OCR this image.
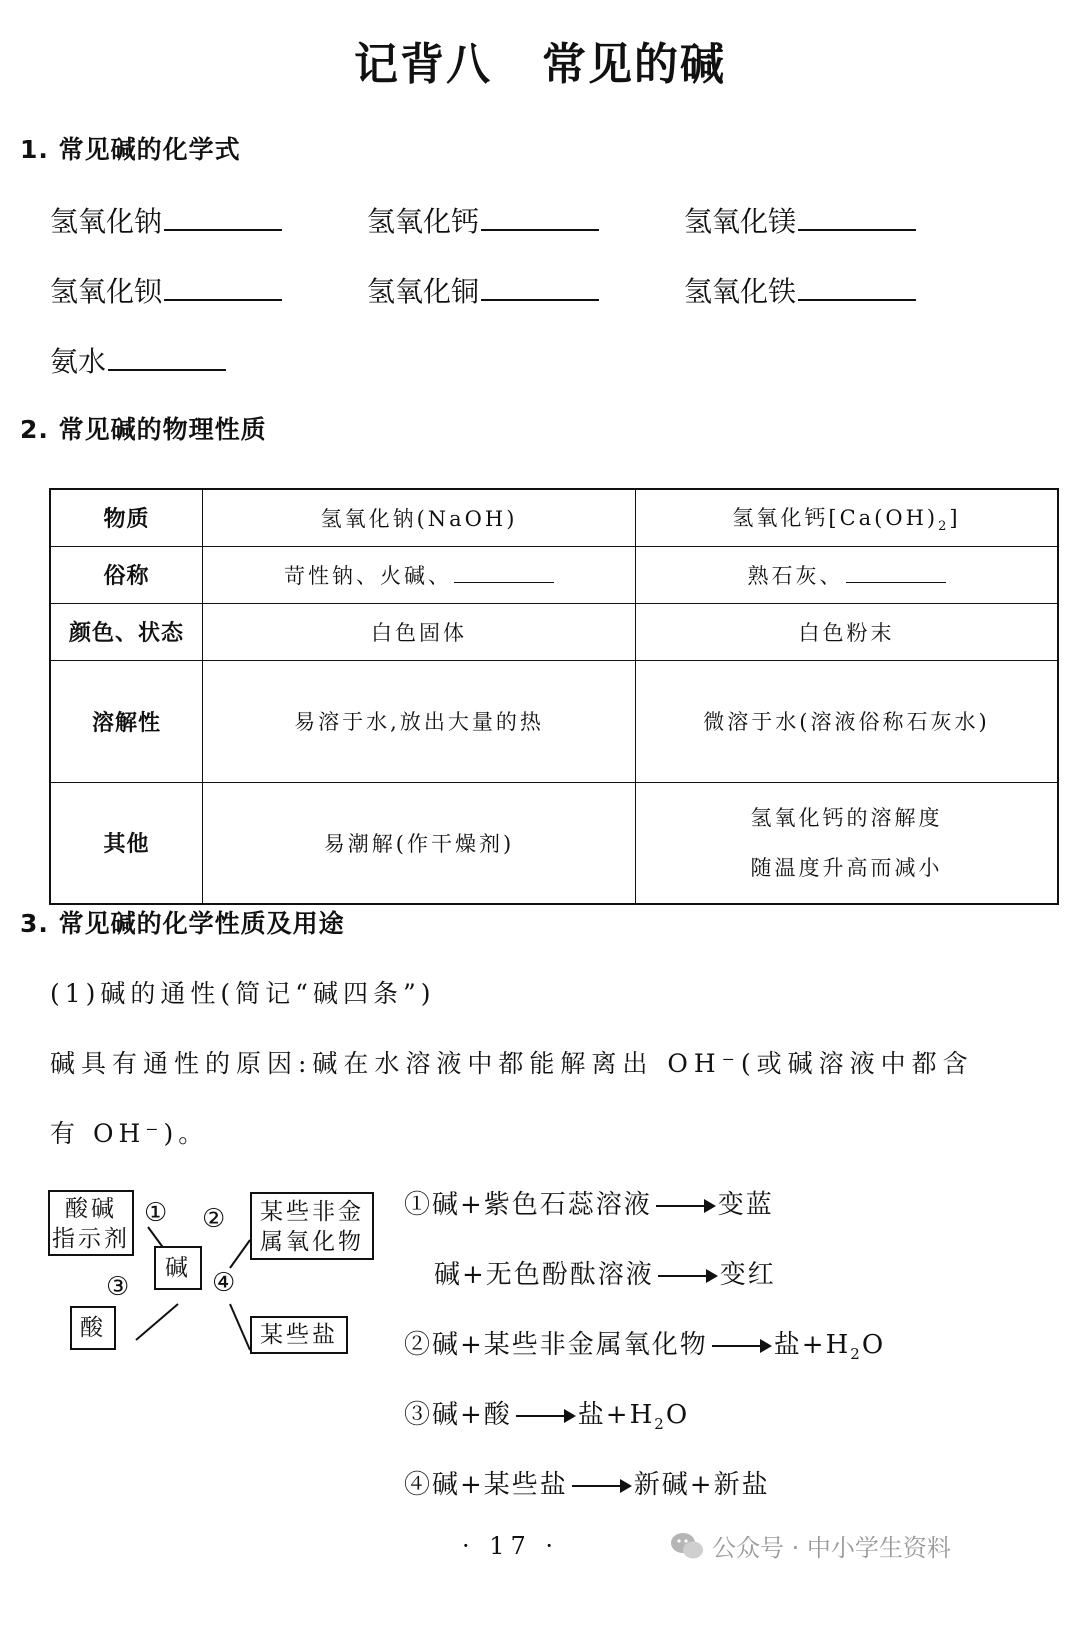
记背八 常见的碱
1. 常见碱的化学式
氢氧化钠	氢氧化钙	氢氧化镁
氢氧化钡	氢氧化铜	氢氧化铁
氨水
2. 常见碱的物理性质
物质	氢氧化钠(NaOH)	氢氧化钙$[Ca(OH)_2]$
俗称	苛性钠、火碱、	熟石灰、
颜色、状态	白色固体	白色粉末
溶解性	易溶于水,放出大量的热	微溶于水(溶液俗称石灰水)
其他	易潮解(作干燥剂)	氢氧化钙的溶解度
随温度升高而减小
3. 常见碱的化学性质及用途
(1)碱的通性(简记“碱四条”)
碱具有通性的原因:碱在水溶液中都能解离出 OH⁻(或碱溶液中都含
有 OH⁻)。
酸碱
指示剂
某些非金
属氧化物
碱
酸	某些盐
① ②
③	④
①碱+紫色石蕊溶液	变蓝
碱+无色酚酞溶液	变红
②碱+某些非金属氧化物	盐$+H_2O$
③碱+酸	盐$+H_2O$
④碱+某些盐	新碱+新盐
· 17 ·	公众号 · 中小学生资料
